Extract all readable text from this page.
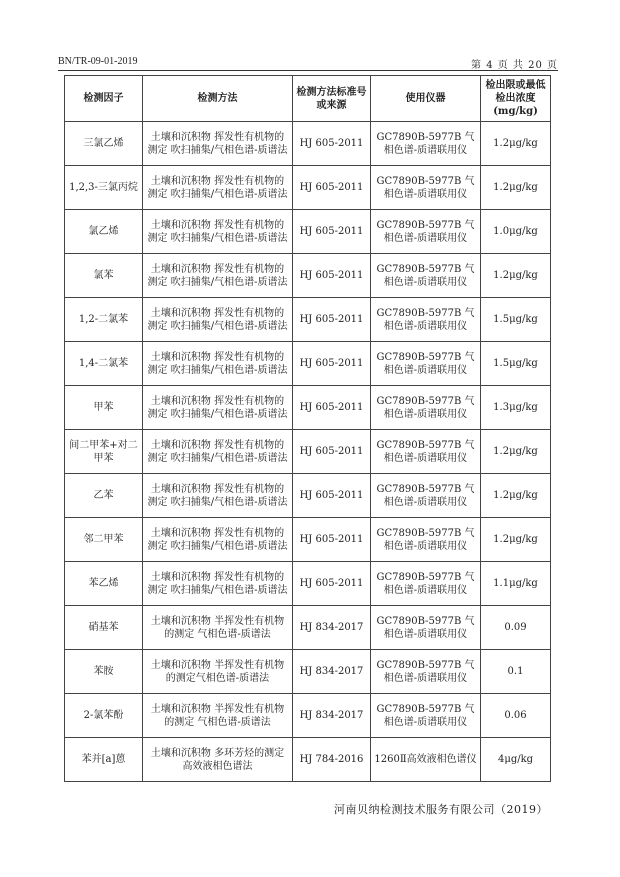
BN/TR-09-01-2019	第 4 页 共 20 页
检测因子	检测方法	检测方法标准号或来源	使用仪器	检出限或最低检出浓度(mg/kg)
三氯乙烯	土壤和沉积物 挥发性有机物的测定 吹扫捕集/气相色谱-质谱法	HJ 605-2011	GC7890B-5977B 气相色谱-质谱联用仪	1.2μg/kg
1,2,3-三氯丙烷	土壤和沉积物 挥发性有机物的测定 吹扫捕集/气相色谱-质谱法	HJ 605-2011	GC7890B-5977B 气相色谱-质谱联用仪	1.2μg/kg
氯乙烯	土壤和沉积物 挥发性有机物的测定 吹扫捕集/气相色谱-质谱法	HJ 605-2011	GC7890B-5977B 气相色谱-质谱联用仪	1.0μg/kg
氯苯	土壤和沉积物 挥发性有机物的测定 吹扫捕集/气相色谱-质谱法	HJ 605-2011	GC7890B-5977B 气相色谱-质谱联用仪	1.2μg/kg
1,2-二氯苯	土壤和沉积物 挥发性有机物的测定 吹扫捕集/气相色谱-质谱法	HJ 605-2011	GC7890B-5977B 气相色谱-质谱联用仪	1.5μg/kg
1,4-二氯苯	土壤和沉积物 挥发性有机物的测定 吹扫捕集/气相色谱-质谱法	HJ 605-2011	GC7890B-5977B 气相色谱-质谱联用仪	1.5μg/kg
甲苯	土壤和沉积物 挥发性有机物的测定 吹扫捕集/气相色谱-质谱法	HJ 605-2011	GC7890B-5977B 气相色谱-质谱联用仪	1.3μg/kg
间二甲苯+对二甲苯	土壤和沉积物 挥发性有机物的测定 吹扫捕集/气相色谱-质谱法	HJ 605-2011	GC7890B-5977B 气相色谱-质谱联用仪	1.2μg/kg
乙苯	土壤和沉积物 挥发性有机物的测定 吹扫捕集/气相色谱-质谱法	HJ 605-2011	GC7890B-5977B 气相色谱-质谱联用仪	1.2μg/kg
邻二甲苯	土壤和沉积物 挥发性有机物的测定 吹扫捕集/气相色谱-质谱法	HJ 605-2011	GC7890B-5977B 气相色谱-质谱联用仪	1.2μg/kg
苯乙烯	土壤和沉积物 挥发性有机物的测定 吹扫捕集/气相色谱-质谱法	HJ 605-2011	GC7890B-5977B 气相色谱-质谱联用仪	1.1μg/kg
硝基苯	土壤和沉积物 半挥发性有机物的测定 气相色谱-质谱法	HJ 834-2017	GC7890B-5977B 气相色谱-质谱联用仪	0.09
苯胺	土壤和沉积物 半挥发性有机物的测定气相色谱-质谱法	HJ 834-2017	GC7890B-5977B 气相色谱-质谱联用仪	0.1
2-氯苯酚	土壤和沉积物 半挥发性有机物的测定 气相色谱-质谱法	HJ 834-2017	GC7890B-5977B 气相色谱-质谱联用仪	0.06
苯并[a]蒽	土壤和沉积物 多环芳烃的测定 高效液相色谱法	HJ 784-2016	1260Ⅱ高效液相色谱仪	4μg/kg
河南贝纳检测技术服务有限公司（2019）
